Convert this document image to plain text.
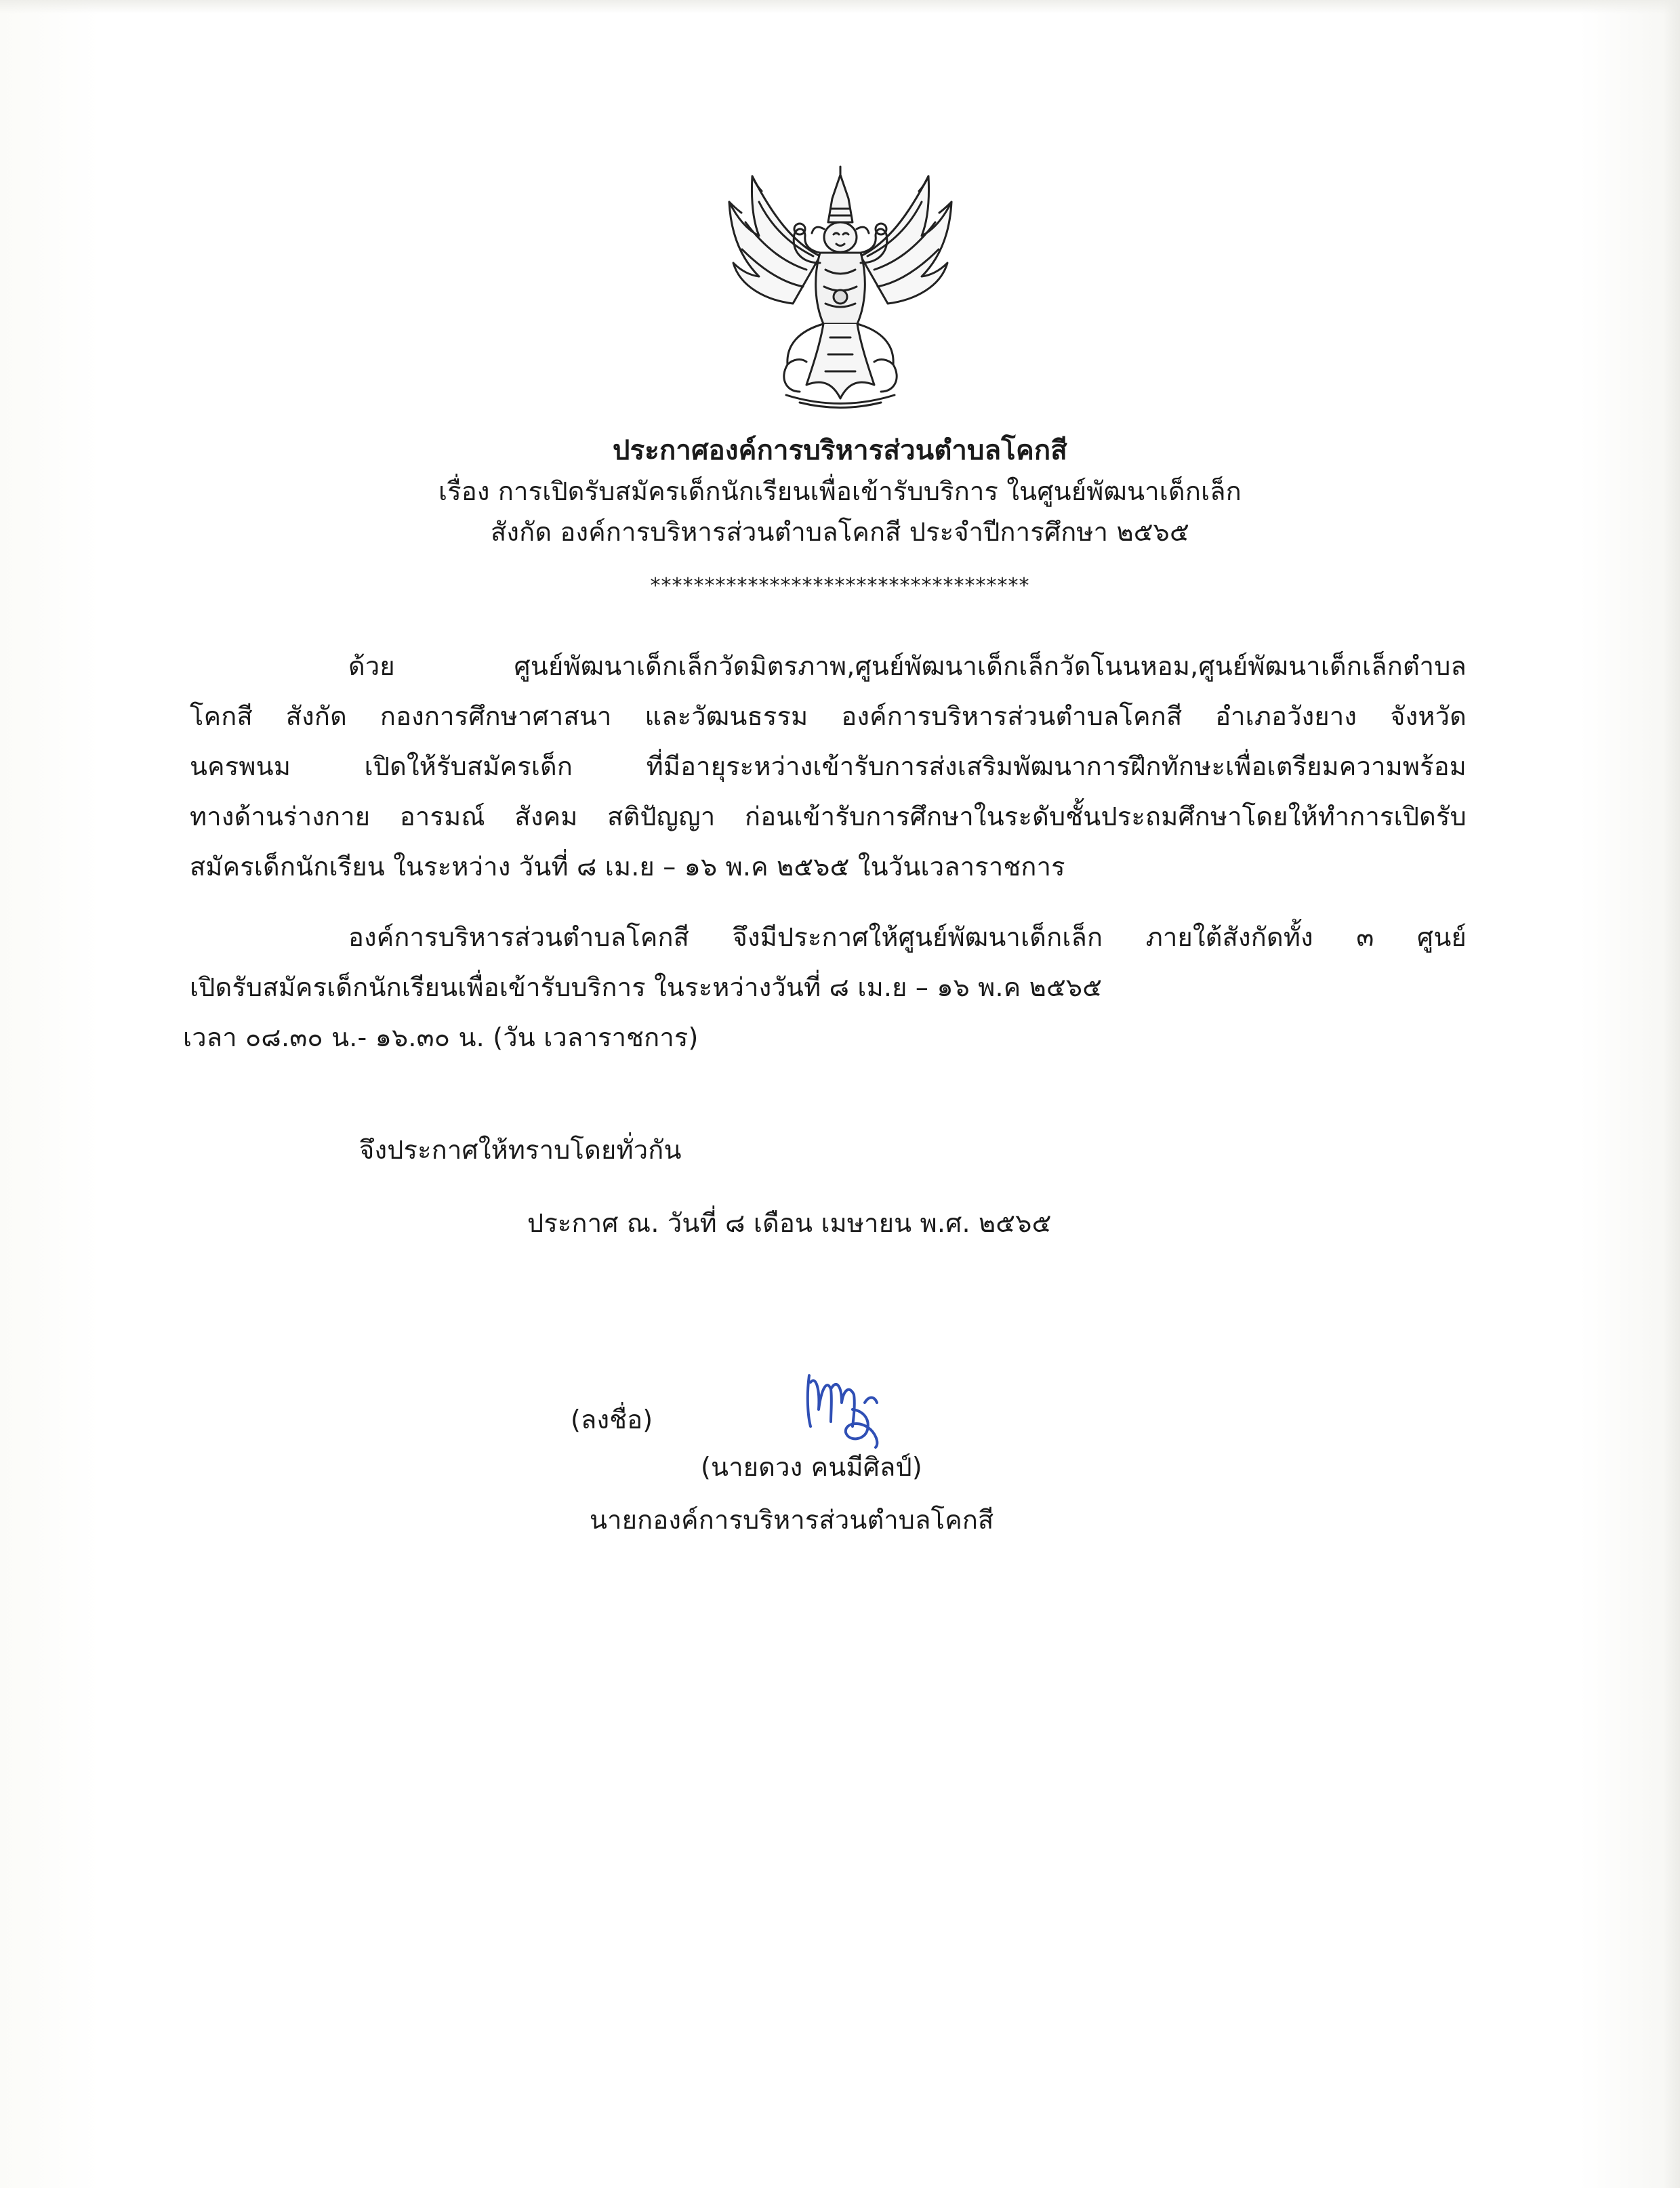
ประกาศองค์การบริหารส่วนตำบลโคกสี
เรื่อง การเปิดรับสมัครเด็กนักเรียนเพื่อเข้ารับบริการ ในศูนย์พัฒนาเด็กเล็ก
สังกัด องค์การบริหารส่วนตำบลโคกสี ประจำปีการศึกษา ๒๕๖๕
***********************************
ด้วย ศูนย์พัฒนาเด็กเล็กวัดมิตรภาพ,ศูนย์พัฒนาเด็กเล็กวัดโนนหอม,ศูนย์พัฒนาเด็กเล็กตำบล
โคกสี สังกัด กองการศึกษาศาสนา และวัฒนธรรม องค์การบริหารส่วนตำบลโคกสี อำเภอวังยาง จังหวัด
นครพนม เปิดให้รับสมัครเด็ก ที่มีอายุระหว่างเข้ารับการส่งเสริมพัฒนาการฝึกทักษะเพื่อเตรียมความพร้อม
ทางด้านร่างกาย อารมณ์ สังคม สติปัญญา ก่อนเข้ารับการศึกษาในระดับชั้นประถมศึกษาโดยให้ทำการเปิดรับ
สมัครเด็กนักเรียน ในระหว่าง วันที่ ๘ เม.ย – ๑๖ พ.ค ๒๕๖๕ ในวันเวลาราชการ
องค์การบริหารส่วนตำบลโคกสี จึงมีประกาศให้ศูนย์พัฒนาเด็กเล็ก ภายใต้สังกัดทั้ง ๓ ศูนย์
เปิดรับสมัครเด็กนักเรียนเพื่อเข้ารับบริการ ในระหว่างวันที่ ๘ เม.ย – ๑๖ พ.ค ๒๕๖๕
เวลา ๐๘.๓๐ น.- ๑๖.๓๐ น. (วัน เวลาราชการ)
จึงประกาศให้ทราบโดยทั่วกัน
ประกาศ ณ. วันที่ ๘ เดือน เมษายน พ.ศ. ๒๕๖๕
(ลงชื่อ)
(นายดวง คนมีศิลป์)
นายกองค์การบริหารส่วนตำบลโคกสี
